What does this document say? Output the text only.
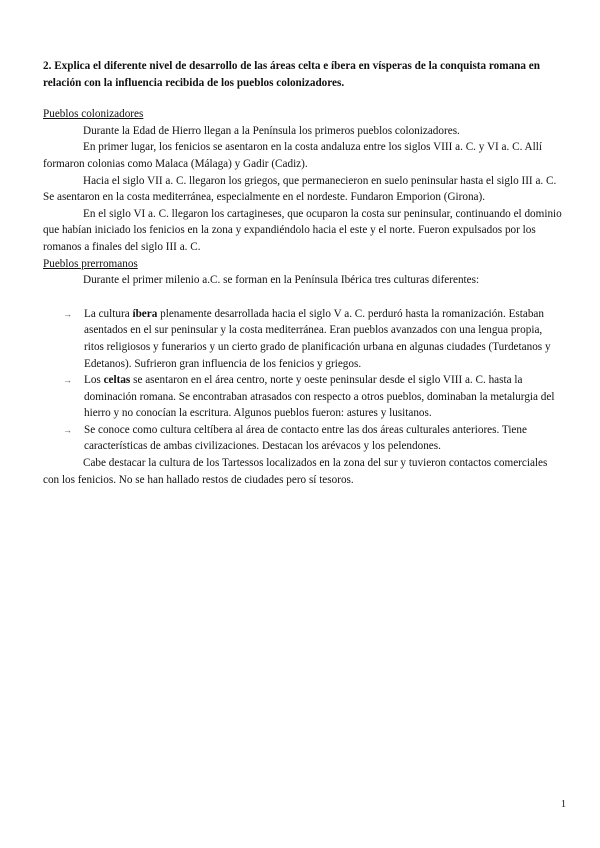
2. Explica el diferente nivel de desarrollo de las áreas celta e íbera en vísperas de la conquista romana en relación con la influencia recibida de los pueblos colonizadores.

Pueblos colonizadores

Durante la Edad de Hierro llegan a la Península los primeros pueblos colonizadores.

En primer lugar, los fenicios se asentaron en la costa andaluza entre los siglos VIII a. C. y VI a. C. Allí formaron colonias como Malaca (Málaga) y Gadir (Cadiz).

Hacia el siglo VII a. C. llegaron los griegos, que permanecieron en suelo peninsular hasta el siglo III a. C. Se asentaron en la costa mediterránea, especialmente en el nordeste. Fundaron Emporion (Girona).

En el siglo VI a. C. llegaron los cartagineses, que ocuparon la costa sur peninsular, continuando el dominio que habían iniciado los fenicios en la zona y expandiéndolo hacia el este y el norte. Fueron expulsados por los romanos a finales del siglo III a. C.

Pueblos prerromanos

Durante el primer milenio a.C. se forman en la Península Ibérica tres culturas diferentes:

→ La cultura íbera plenamente desarrollada hacia el siglo V a. C. perduró hasta la romanización. Estaban asentados en el sur peninsular y la costa mediterránea. Eran pueblos avanzados con una lengua propia, ritos religiosos y funerarios y un cierto grado de planificación urbana en algunas ciudades (Turdetanos y Edetanos). Sufrieron gran influencia de los fenicios y griegos.
→ Los celtas se asentaron en el área centro, norte y oeste peninsular desde el siglo VIII a. C. hasta la dominación romana. Se encontraban atrasados con respecto a otros pueblos, dominaban la metalurgia del hierro y no conocían la escritura. Algunos pueblos fueron: astures y lusitanos.
→ Se conoce como cultura celtíbera al área de contacto entre las dos áreas culturales anteriores. Tiene características de ambas civilizaciones. Destacan los arévacos y los pelendones.

Cabe destacar la cultura de los Tartessos localizados en la zona del sur y tuvieron contactos comerciales con los fenicios. No se han hallado restos de ciudades pero sí tesoros.

1
